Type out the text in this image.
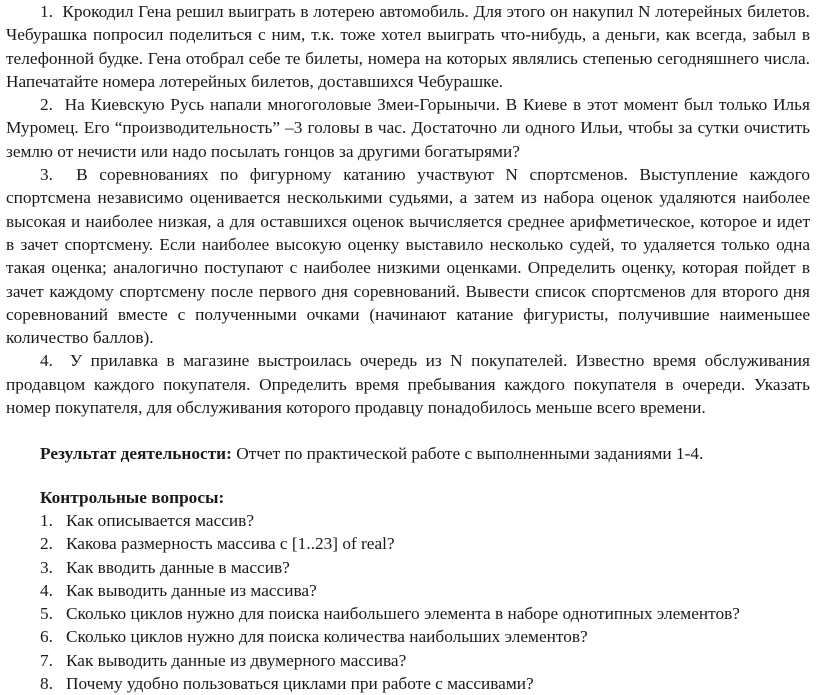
1. Крокодил Гена решил выиграть в лотерею автомобиль. Для этого он накупил N лотерейных билетов. Чебурашка попросил поделиться с ним, т.к. тоже хотел выиграть что-нибудь, а деньги, как всегда, забыл в телефонной будке. Гена отобрал себе те билеты, номера на которых являлись степенью сегодняшнего числа. Напечатайте номера лотерейных билетов, доставшихся Чебурашке.

2. На Киевскую Русь напали многоголовые Змеи-Горынычи. В Киеве в этот момент был только Илья Муромец. Его “производительность” –3 головы в час. Достаточно ли одного Ильи, чтобы за сутки очистить землю от нечисти или надо посылать гонцов за другими богатырями?

3. В соревнованиях по фигурному катанию участвуют N спортсменов. Выступление каждого спортсмена независимо оценивается несколькими судьями, а затем из набора оценок удаляются наиболее высокая и наиболее низкая, а для оставшихся оценок вычисляется среднее арифметическое, которое и идет в зачет спортсмену. Если наиболее высокую оценку выставило несколько судей, то удаляется только одна такая оценка; аналогично поступают с наиболее низкими оценками. Определить оценку, которая пойдет в зачет каждому спортсмену после первого дня соревнований. Вывести список спортсменов для второго дня соревнований вместе с полученными очками (начинают катание фигуристы, получившие наименьшее количество баллов).

4. У прилавка в магазине выстроилась очередь из N покупателей. Известно время обслуживания продавцом каждого покупателя. Определить время пребывания каждого покупателя в очереди. Указать номер покупателя, для обслуживания которого продавцу понадобилось меньше всего времени.

Результат деятельности: Отчет по практической работе с выполненными заданиями 1-4.

Контрольные вопросы:

1. Как описывается массив?

2. Какова размерность массива с [1..23] of real?

3. Как вводить данные в массив?

4. Как выводить данные из массива?

5. Сколько циклов нужно для поиска наибольшего элемента в наборе однотипных элементов?

6. Сколько циклов нужно для поиска количества наибольших элементов?

7. Как выводить данные из двумерного массива?

8. Почему удобно пользоваться циклами при работе с массивами?
